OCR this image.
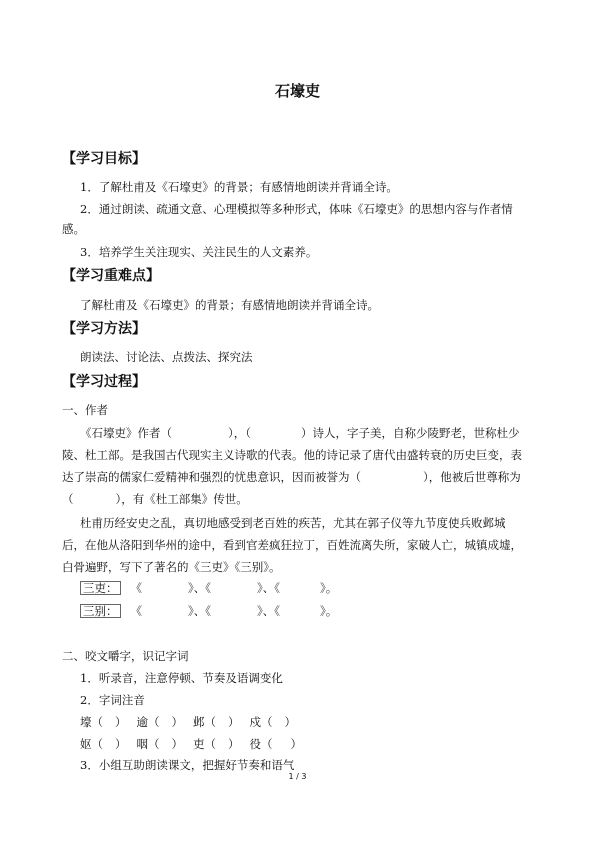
石壕吏
【学习目标】
1．了解杜甫及《石壕吏》的背景；有感情地朗读并背诵全诗。
2．通过朗读、疏通文意、心理模拟等多种形式，体味《石壕吏》的思想内容与作者情
感。
3．培养学生关注现实、关注民生的人文素养。
【学习重难点】
了解杜甫及《石壕吏》的背景；有感情地朗读并背诵全诗。
【学习方法】
朗读法、讨论法、点拨法、探究法
【学习过程】
一、作者
《石壕吏》作者（	），（	）诗人，字子美，自称少陵野老，世称杜少
陵、杜工部。是我国古代现实主义诗歌的代表。他的诗记录了唐代由盛转衰的历史巨变，表
达了崇高的儒家仁爱精神和强烈的忧患意识，因而被誉为（	），他被后世尊称为
（	），有《杜工部集》传世。
杜甫历经安史之乱，真切地感受到老百姓的疾苦，尤其在郭子仪等九节度使兵败邺城
后，在他从洛阳到华州的途中，看到官差疯狂拉丁，百姓流离失所，家破人亡，城镇成墟，
白骨遍野，写下了著名的《三吏》《三别》。
三吏： 《	》、《	》、《	》。
三别： 《	》、《	》、《	》。
二、咬文嚼字，识记字词
1．听录音，注意停顿、节奏及语调变化
2．字词注音
壕（ ） 逾（ ） 邺（ ） 戍（ ）
妪（ ） 咽（ ） 吏（ ） 役（ ）
3．小组互助朗读课文，把握好节奏和语气
1 / 3
